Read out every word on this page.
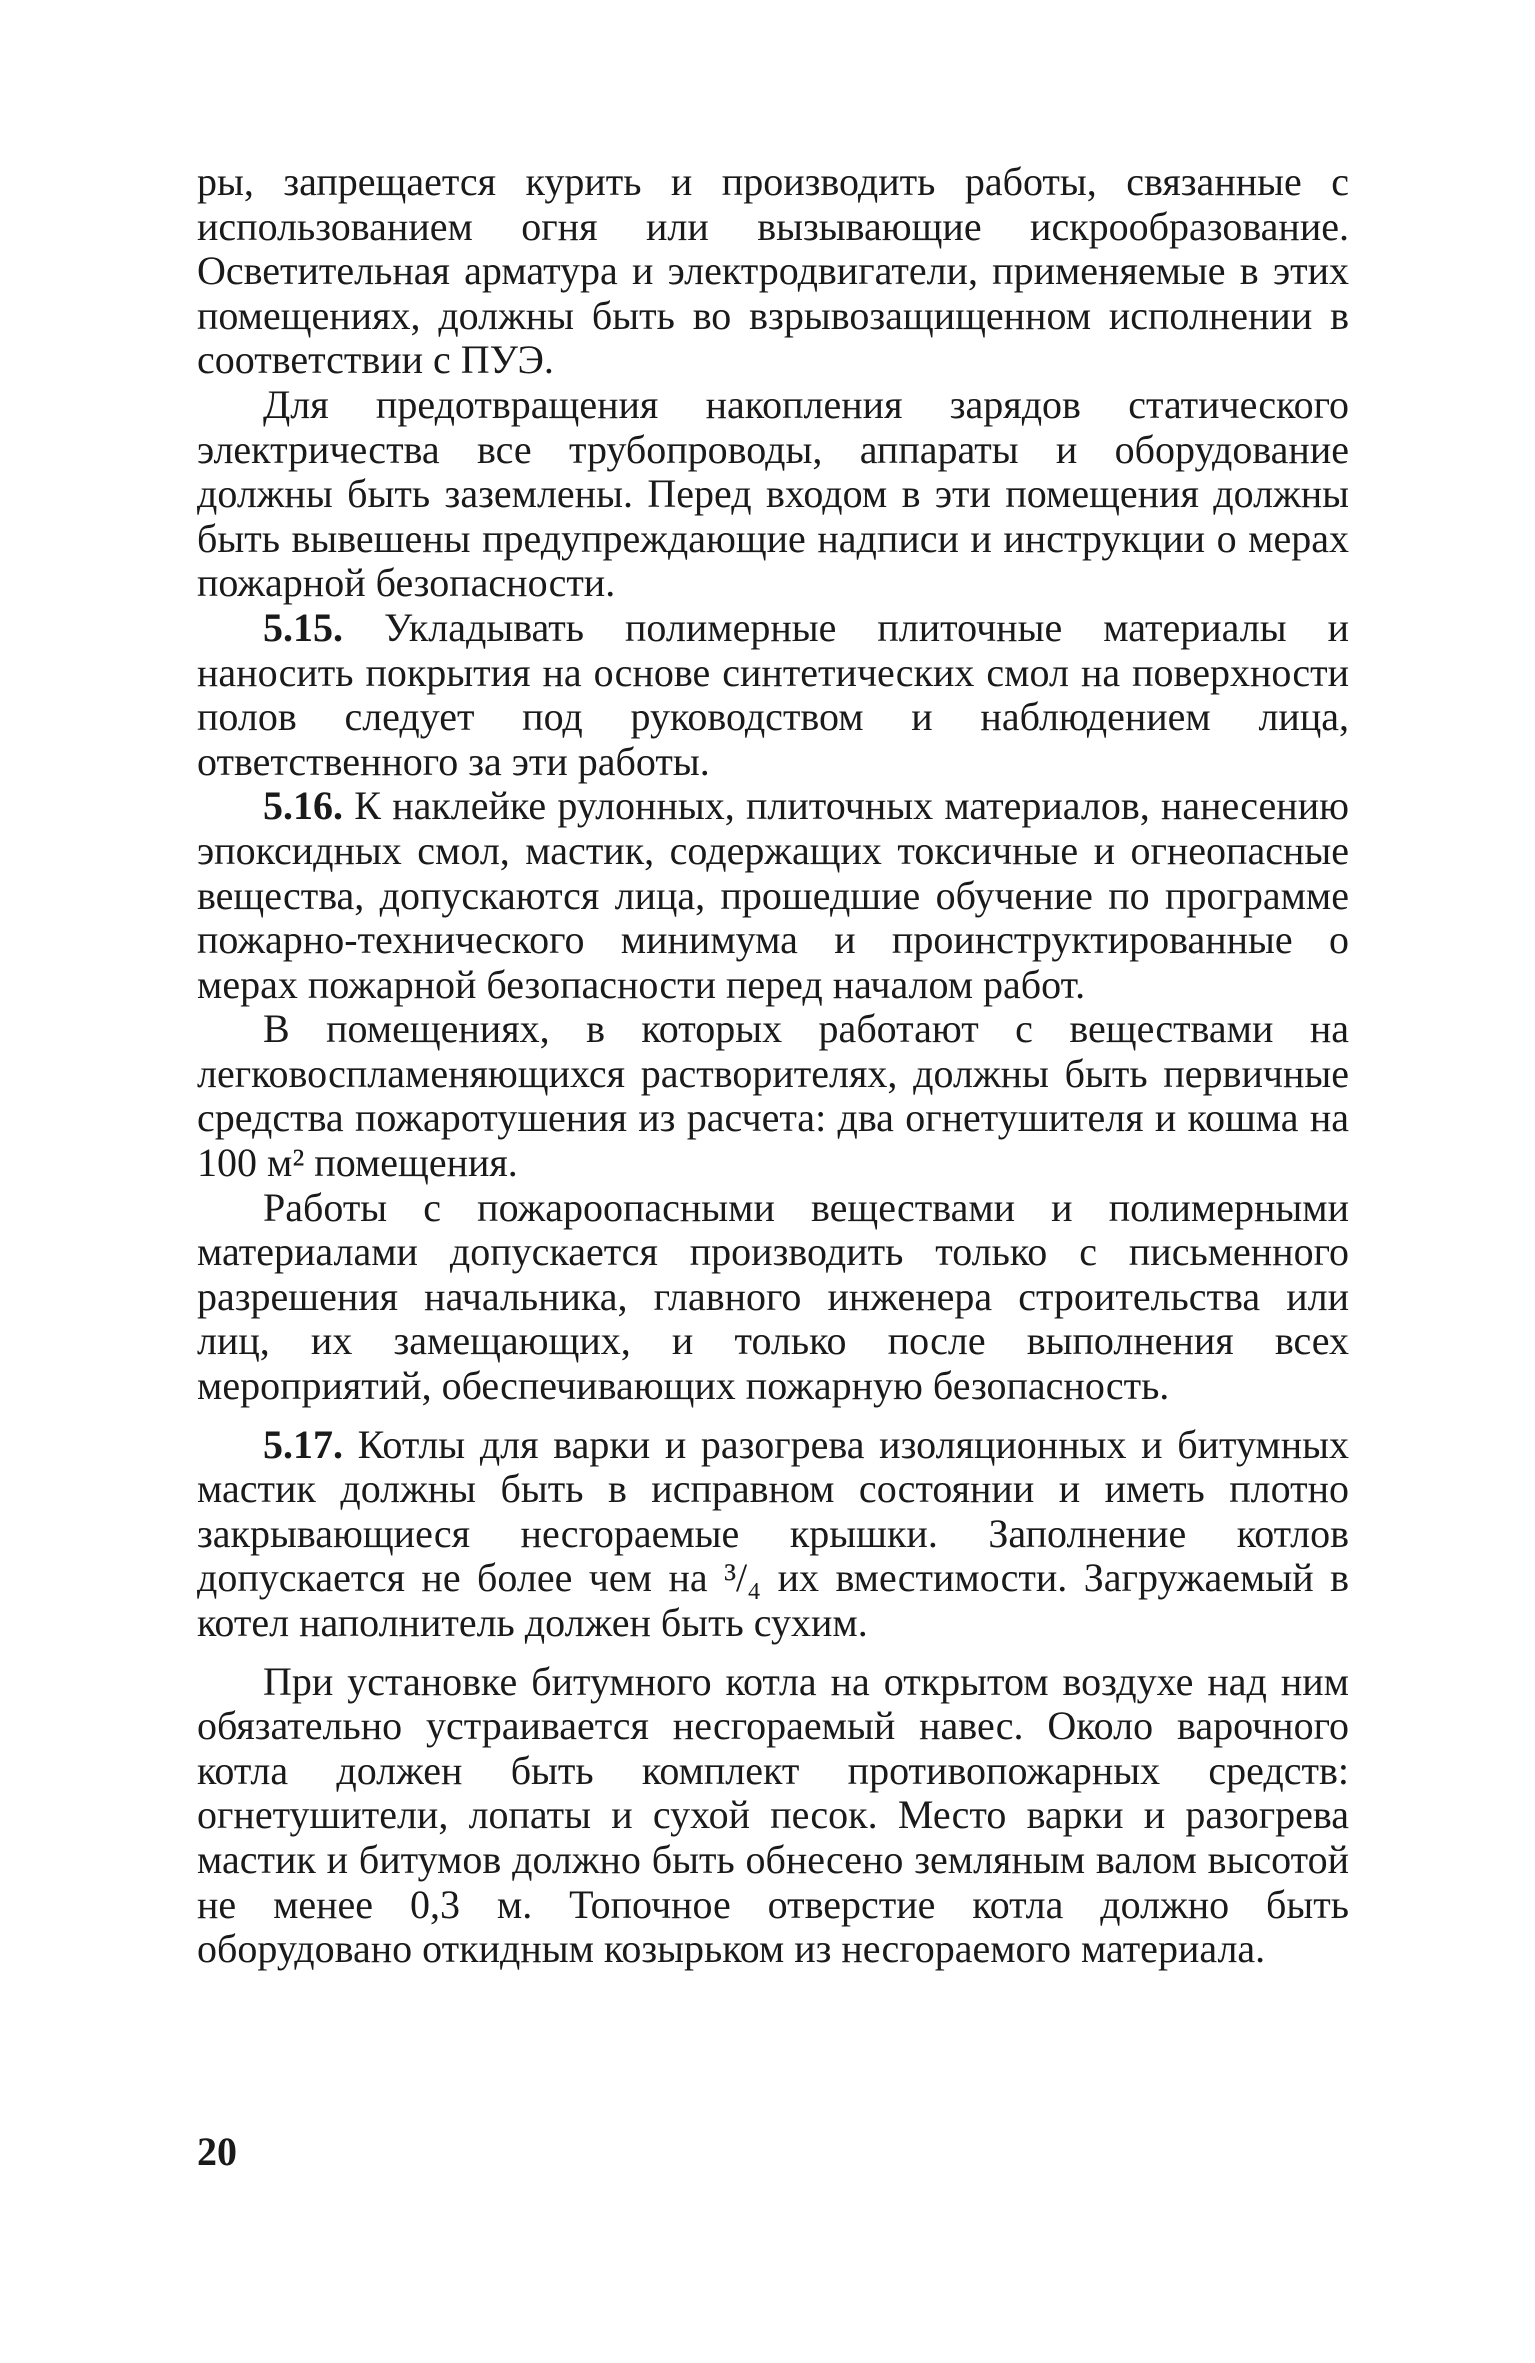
ры, запрещается курить и производить работы, связанные с использованием огня или вызывающие искрообразование. Осветительная арматура и электродвигатели, применяемые в этих помещениях, должны быть во взрывозащищенном исполнении в соответствии с ПУЭ.

Для предотвращения накопления зарядов статического электричества все трубопроводы, аппараты и оборудование должны быть заземлены. Перед входом в эти помещения должны быть вывешены предупреждающие надписи и инструкции о мерах пожарной безопасности.

5.15. Укладывать полимерные плиточные материалы и наносить покрытия на основе синтетических смол на поверхности полов следует под руководством и наблюдением лица, ответственного за эти работы.

5.16. К наклейке рулонных, плиточных материалов, нанесению эпоксидных смол, мастик, содержащих токсичные и огнеопасные вещества, допускаются лица, прошедшие обучение по программе пожарно-технического минимума и проинструктированные о мерах пожарной безопасности перед началом работ.

В помещениях, в которых работают с веществами на легковоспламеняющихся растворителях, должны быть первичные средства пожаротушения из расчета: два огнетушителя и кошма на 100 м² помещения.

Работы с пожароопасными веществами и полимерными материалами допускается производить только с письменного разрешения начальника, главного инженера строительства или лиц, их замещающих, и только после выполнения всех мероприятий, обеспечивающих пожарную безопасность.

5.17. Котлы для варки и разогрева изоляционных и битумных мастик должны быть в исправном состоянии и иметь плотно закрывающиеся несгораемые крышки. Заполнение котлов допускается не более чем на ³/₄ их вместимости. Загружаемый в котел наполнитель должен быть сухим.

При установке битумного котла на открытом воздухе над ним обязательно устраивается несгораемый навес. Около варочного котла должен быть комплект противопожарных средств: огнетушители, лопаты и сухой песок. Место варки и разогрева мастик и битумов должно быть обнесено земляным валом высотой не менее 0,3 м. Топочное отверстие котла должно быть оборудовано откидным козырьком из несгораемого материала.

20
